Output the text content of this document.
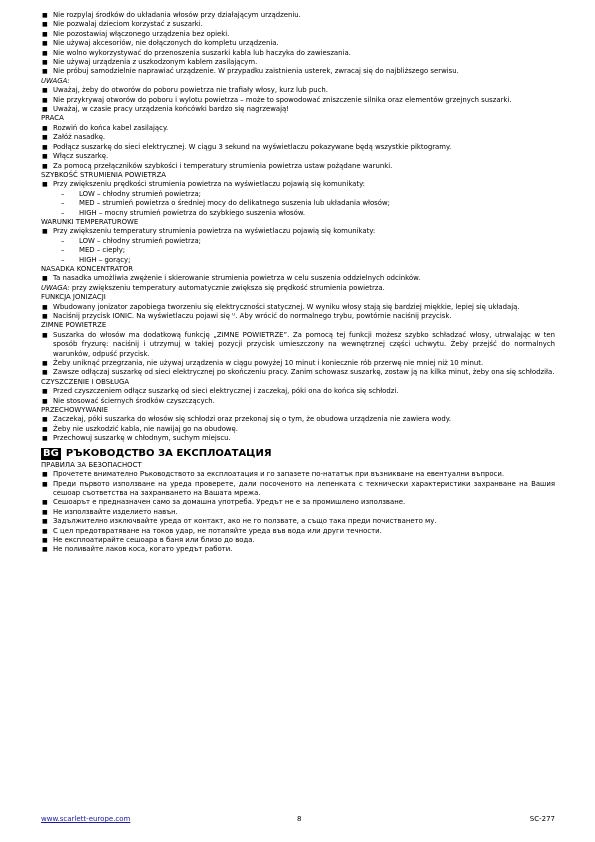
■ Nie rozpylaj środków do układania włosów przy działającym urządzeniu.
■ Nie pozwalaj dzieciom korzystać z suszarki.
■ Nie pozostawiaj włączonego urządzenia bez opieki.
■ Nie używaj akcesoriów, nie dołączonych do kompletu urządzenia.
■ Nie wolno wykorzystywać do przenoszenia suszarki kabla lub haczyka do zawieszania.
■ Nie używaj urządzenia z uszkodzonym kablem zasilającym.
■ Nie próbuj samodzielnie naprawiać urządzenie. W przypadku zaistnienia usterek, zwracaj się do najbliższego serwisu.
UWAGA:
■ Uważaj, żeby do otworów do poboru powietrza nie trafiały włosy, kurz lub puch.
■ Nie przykrywaj otworów do poboru i wylotu powietrza – może to spowodować zniszczenie silnika oraz elementów grzejnych suszarki.
■ Uważaj, w czasie pracy urządzenia końcówki bardzo się nagrzewają!
PRACA
■ Rozwiń do końca kabel zasilający.
■ Załóż nasadkę.
■ Podłącz suszarkę do sieci elektrycznej. W ciągu 3 sekund na wyświetlaczu pokazywane będą wszystkie piktogramy.
■ Włącz suszarkę.
■ Za pomocą przełączników szybkości i temperatury strumienia powietrza ustaw pożądane warunki.
SZYBKOŚĆ STRUMIENIA POWIETRZA
■ Przy zwiększeniu prędkości strumienia powietrza na wyświetlaczu pojawią się komunikaty:
– LOW – chłodny strumień powietrza;
– MED – strumień powietrza o średniej mocy do delikatnego suszenia lub układania włosów;
– HIGH – mocny strumień powietrza do szybkiego suszenia włosów.
WARUNKI TEMPERATUROWE
■ Przy zwiększeniu temperatury strumienia powietrza na wyświetlaczu pojawią się komunikaty:
– LOW – chłodny strumień powietrza;
– MED – ciepły;
– HIGH – gorący;
NASADKA KONCENTRATOR
■ Ta nasadka umożliwia zwężenie i skierowanie strumienia powietrza w celu suszenia oddzielnych odcinków.
UWAGA: przy zwiększeniu temperatury automatycznie zwiększa się prędkość strumienia powietrza.
FUNKCJA JONIZACJI
■ Wbudowany jonizator zapobiega tworzeniu się elektryczności statycznej. W wyniku włosy stają się bardziej miękkie, lepiej się układają.
■ Naciśnij przycisk IONIC. Na wyświetlaczu pojawi się ᵁ. Aby wrócić do normalnego trybu, powtórnie naciśnij przycisk.
ZIMNE POWIETRZE
■ Suszarka do włosów ma dodatkową funkcję „ZIMNE POWIETRZE”. Za pomocą tej funkcji możesz szybko schładzać włosy, utrwalając w ten sposób fryzurę: naciśnij i utrzymuj w takiej pozycji przycisk umieszczony na wewnętrznej części uchwytu. Żeby przejść do normalnych warunków, odpuść przycisk.
■ Żeby uniknąć przegrzania, nie używaj urządzenia w ciągu powyżej 10 minut i koniecznie rób przerwę nie mniej niż 10 minut.
■ Zawsze odłączaj suszarkę od sieci elektrycznej po skończeniu pracy. Zanim schowasz suszarkę, zostaw ją na kilka minut, żeby ona się schłodziła.
CZYSZCZENIE I OBSŁUGA
■ Przed czyszczeniem odłącz suszarkę od sieci elektrycznej i zaczekaj, póki ona do końca się schłodzi.
■ Nie stosować ściernych środków czyszczących.
PRZECHOWYWANIE
■ Zaczekaj, póki suszarka do włosów się schłodzi oraz przekonaj się o tym, że obudowa urządzenia nie zawiera wody.
■ Żeby nie uszkodzić kabla, nie nawijaj go na obudowę.
■ Przechowuj suszarkę w chłodnym, suchym miejscu.
BG РЪКОВОДСТВО ЗА ЕКСПЛОАТАЦИЯ
ПРАВИЛА ЗА БЕЗОПАСНОСТ
■ Прочетете внимателно Ръководството за експлоатация и го запазете по-нататък при възникване на евентуални въпроси.
■ Преди първото използване на уреда проверете, дали посоченото на лепенката с технически характеристики захранване на Вашия сешоар съответства на захранването на Вашата мрежа.
■ Сешоарът е предназначен само за домашна употреба. Уредът не е за промишлено използване.
■ Не използвайте изделието навън.
■ Задължително изключвайте уреда от контакт, ако не го ползвате, а също така преди почистването му.
■ С цел предотвратяване на токов удар, не потапяйте уреда във вода или други течности.
■ Не експлоатирайте сешоара в баня или близо до вода.
■ Не поливайте лаков коса, когато уредът работи.
www.scarlett-europe.com	8	SC-277
